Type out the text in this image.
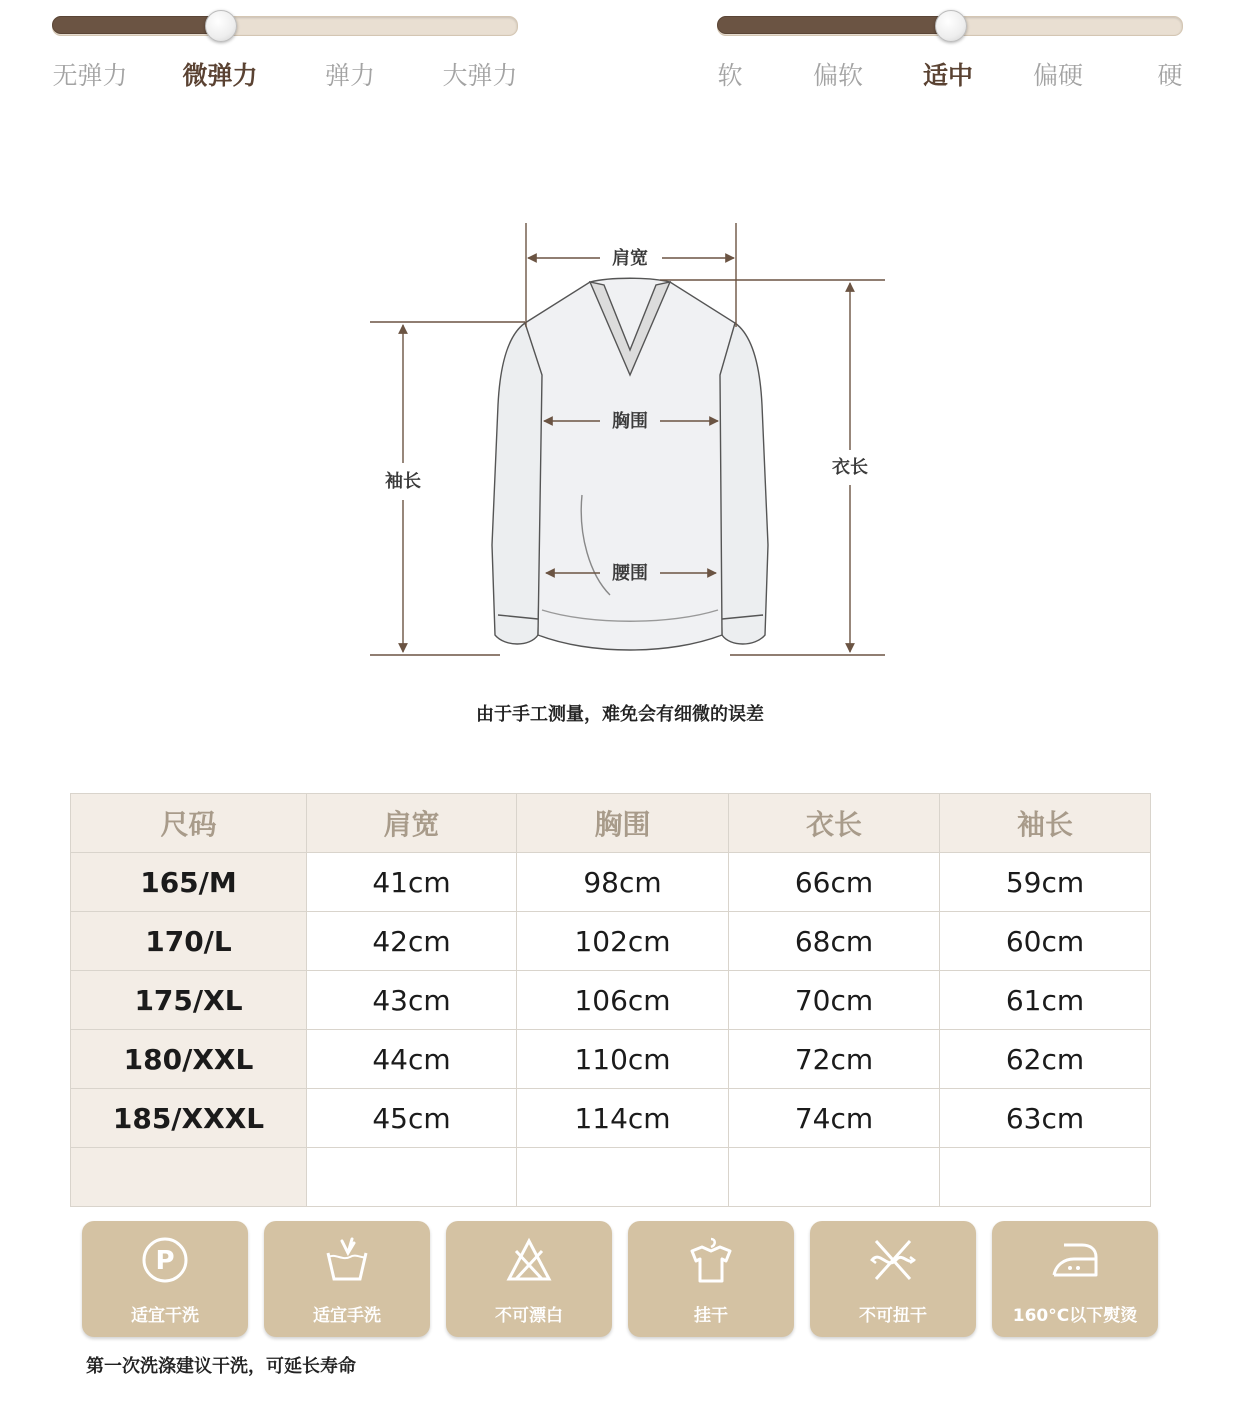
无弹力 微弹力	弹力	大弹力	软	偏软 适中 偏硬	硬
肩宽
胸围
腰围
袖长
衣长
由于手工测量，难免会有细微的误差
尺码	肩宽	胸围	衣长	袖长
165/M	41cm	98cm	66cm	59cm
170/L	42cm	102cm	68cm	60cm
175/XL	43cm	106cm	70cm	61cm
180/XXL	44cm	110cm	72cm	62cm
185/XXXL	45cm	114cm	74cm	63cm

P
适宜干洗	适宜手洗	不可漂白	挂干	不可扭干	160°C以下熨烫
第一次洗涤建议干洗，可延长寿命
